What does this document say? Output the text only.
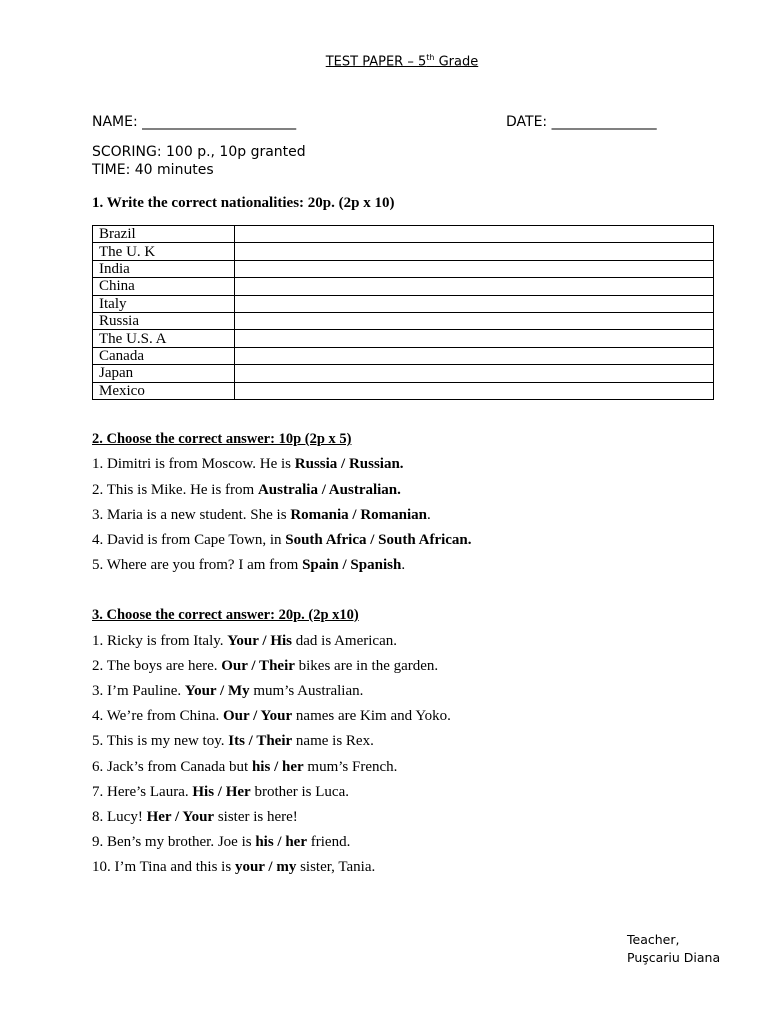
TEST PAPER – 5th Grade
NAME: ______________________	DATE: _______________
SCORING: 100 p., 10p granted
TIME: 40 minutes
1. Write the correct nationalities: 20p. (2p x 10)
Brazil	
The U. K	
India	
China	
Italy	
Russia	
The U.S. A	
Canada	
Japan	
Mexico	
2. Choose the correct answer: 10p (2p x 5)
1. Dimitri is from Moscow. He is Russia / Russian.
2. This is Mike. He is from Australia / Australian.
3. Maria is a new student. She is Romania / Romanian.
4. David is from Cape Town, in South Africa / South African.
5. Where are you from? I am from Spain / Spanish.
3. Choose the correct answer: 20p. (2p x10)
1. Ricky is from Italy. Your / His dad is American.
2. The boys are here. Our / Their bikes are in the garden.
3. I’m Pauline. Your / My mum’s Australian.
4. We’re from China. Our / Your names are Kim and Yoko.
5. This is my new toy. Its / Their name is Rex.
6. Jack’s from Canada but his / her mum’s French.
7. Here’s Laura. His / Her brother is Luca.
8. Lucy! Her / Your sister is here!
9. Ben’s my brother. Joe is his / her friend.
10. I’m Tina and this is your / my sister, Tania.
Teacher,
Puşcariu Diana
